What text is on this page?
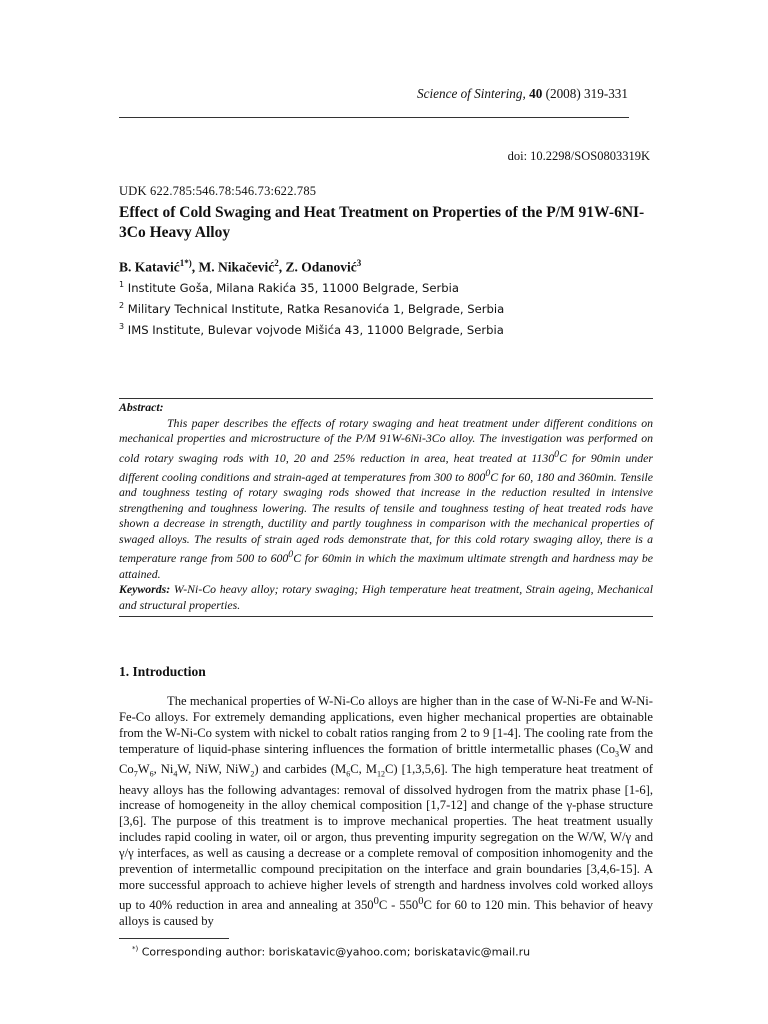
Science of Sintering, 40 (2008) 319-331
doi: 10.2298/SOS0803319K
UDK 622.785:546.78:546.73:622.785
Effect of Cold Swaging and Heat Treatment on Properties of the P/M 91W-6NI-3Co Heavy Alloy
B. Katavić$^{1*)}$, M. Nikačević$^2$, Z. Odanović$^3$
$^1$ Institute Goša, Milana Rakića 35, 11000 Belgrade, Serbia
$^2$ Military Technical Institute, Ratka Resanovića 1, Belgrade, Serbia
$^3$ IMS Institute, Bulevar vojvode Mišića 43, 11000 Belgrade, Serbia
Abstract:

This paper describes the effects of rotary swaging and heat treatment under different conditions on mechanical properties and microstructure of the P/M 91W-6Ni-3Co alloy. The investigation was performed on cold rotary swaging rods with 10, 20 and 25% reduction in area, heat treated at 1130$^0$C for 90min under different cooling conditions and strain-aged at temperatures from 300 to $800^0C$ for 60, 180 and 360min. Tensile and toughness testing of rotary swaging rods showed that increase in the reduction resulted in intensive strengthening and toughness lowering. The results of tensile and toughness testing of heat treated rods have shown a decrease in strength, ductility and partly toughness in comparison with the mechanical properties of swaged alloys. The results of strain aged rods demonstrate that, for this cold rotary swaging alloy, there is a temperature range from 500 to $600^0C$ for 60min in which the maximum ultimate strength and hardness may be attained.

Keywords: W-Ni-Co heavy alloy; rotary swaging; High temperature heat treatment, Strain ageing, Mechanical and structural properties.

1. Introduction

The mechanical properties of W-Ni-Co alloys are higher than in the case of W-Ni-Fe and W-Ni-Fe-Co alloys. For extremely demanding applications, even higher mechanical properties are obtainable from the W-Ni-Co system with nickel to cobalt ratios ranging from 2 to 9 [1-4]. The cooling rate from the temperature of liquid-phase sintering influences the formation of brittle intermetallic phases ($Co_3W$ and $Co_7W_6$, $Ni_4W$, NiW, NiW$_2$) and carbides ($M_6C$, $M_{12}C$) [1,3,5,6]. The high temperature heat treatment of heavy alloys has the following advantages: removal of dissolved hydrogen from the matrix phase [1-6], increase of homogeneity in the alloy chemical composition [1,7-12] and change of the γ-phase structure [3,6]. The purpose of this treatment is to improve mechanical properties. The heat treatment usually includes rapid cooling in water, oil or argon, thus preventing impurity segregation on the W/W, W/γ and γ/γ interfaces, as well as causing a decrease or a complete removal of composition inhomogenity and the prevention of intermetallic compound precipitation on the interface and grain boundaries [3,4,6-15]. A more successful approach to achieve higher levels of strength and hardness involves cold worked alloys up to 40% reduction in area and annealing at $350^0C - 550^0C$ for 60 to 120 min. This behavior of heavy alloys is caused by

*) Corresponding author: boriskatavic@yahoo.com; boriskatavic@mail.ru
